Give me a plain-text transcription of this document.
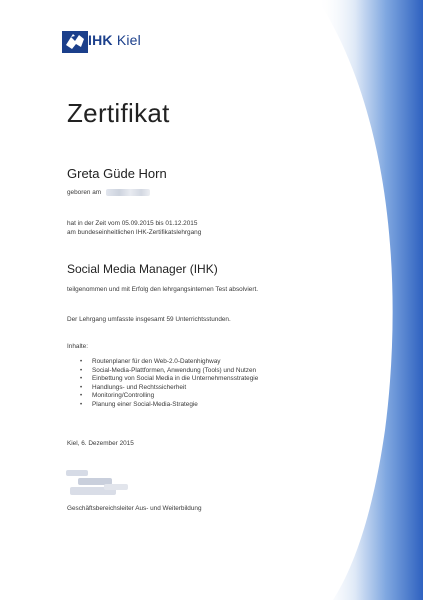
IHK Kiel
Zertifikat
Greta Güde Horn
geboren am
hat in der Zeit vom 05.09.2015 bis 01.12.2015
am bundeseinheitlichen IHK-Zertifikatslehrgang
Social Media Manager (IHK)
teilgenommen und mit Erfolg den lehrgangsinternen Test absolviert.
Der Lehrgang umfasste insgesamt 59 Unterrichtsstunden.
Inhalte:
• Routenplaner für den Web-2.0-Datenhighway
• Social-Media-Plattformen, Anwendung (Tools) und Nutzen
• Einbettung von Social Media in die Unternehmensstrategie
• Handlungs- und Rechtssicherheit
• Monitoring/Controlling
• Planung einer Social-Media-Strategie
Kiel, 6. Dezember 2015
Geschäftsbereichsleiter Aus- und Weiterbildung
